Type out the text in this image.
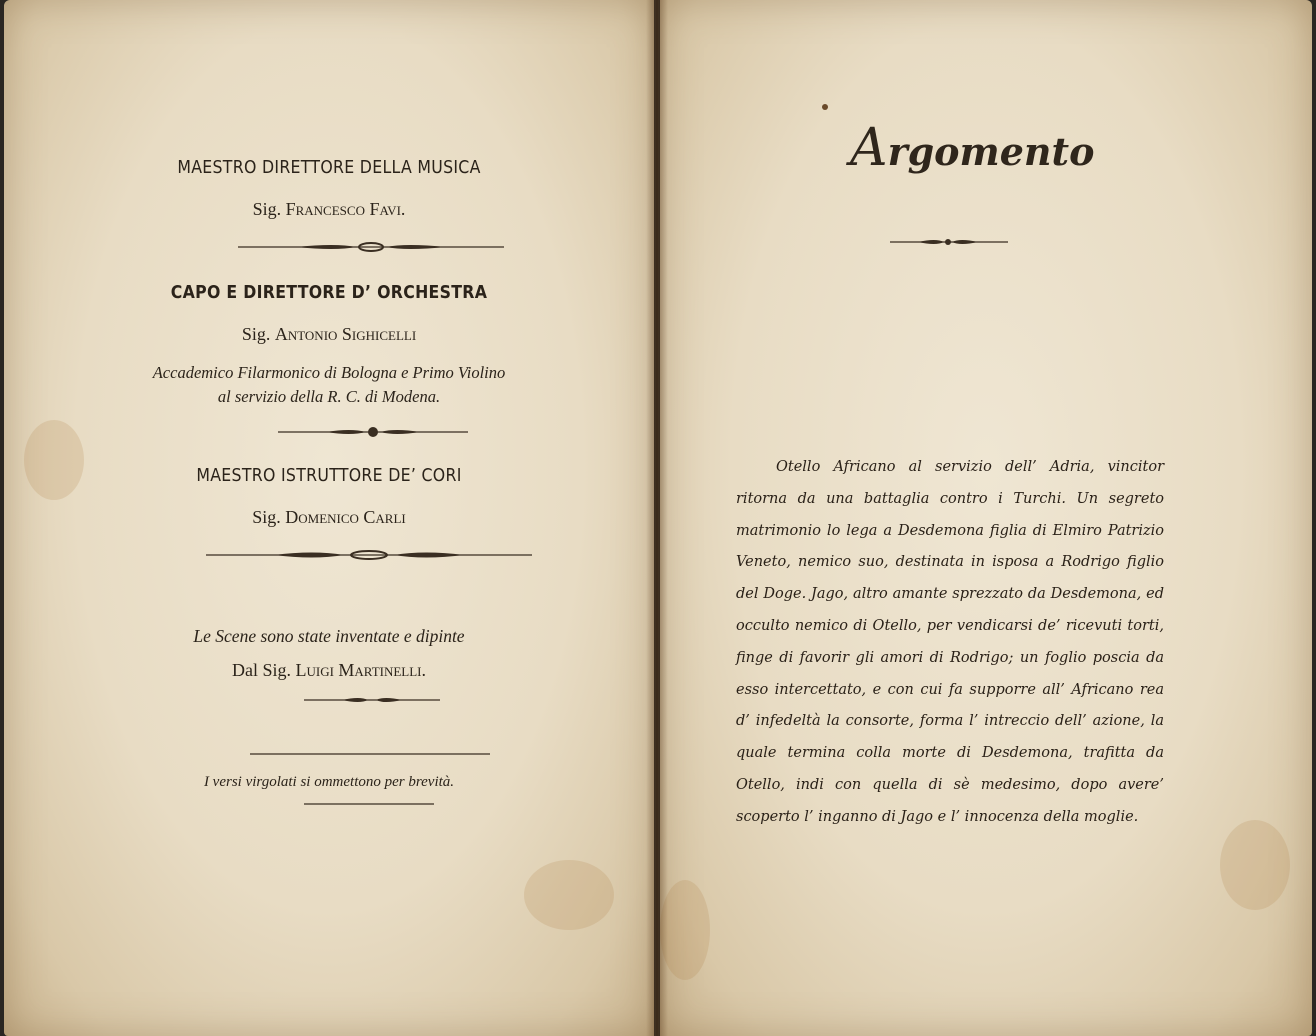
MAESTRO DIRETTORE DELLA MUSICA
Sig. Francesco Favi.
CAPO E DIRETTORE D’ ORCHESTRA
Sig. Antonio Sighicelli
Accademico Filarmonico di Bologna e Primo Violino
al servizio della R. C. di Modena.
MAESTRO ISTRUTTORE DE’ CORI
Sig. Domenico Carli
Le Scene sono state inventate e dipinte
Dal Sig. Luigi Martinelli.
I versi virgolati si ommettono per brevità.
Argomento

Otello Africano al servizio dell’ Adria, vincitor ritorna da una battaglia contro i Turchi. Un segreto matrimonio lo lega a Desdemona figlia di Elmiro Patrizio Veneto, nemico suo, destinata in isposa a Rodrigo figlio del Doge. Jago, altro amante sprezzato da Desdemona, ed occulto nemico di Otello, per vendicarsi de’ ricevuti torti, finge di favorir gli amori di Rodrigo; un foglio poscia da esso intercettato, e con cui fa supporre all’ Africano rea d’ infedeltà la consorte, forma l’ intreccio dell’ azione, la quale termina colla morte di Desdemona, trafitta da Otello, indi con quella di sè medesimo, dopo avere’ scoperto l’ inganno di Jago e l’ innocenza della moglie.
